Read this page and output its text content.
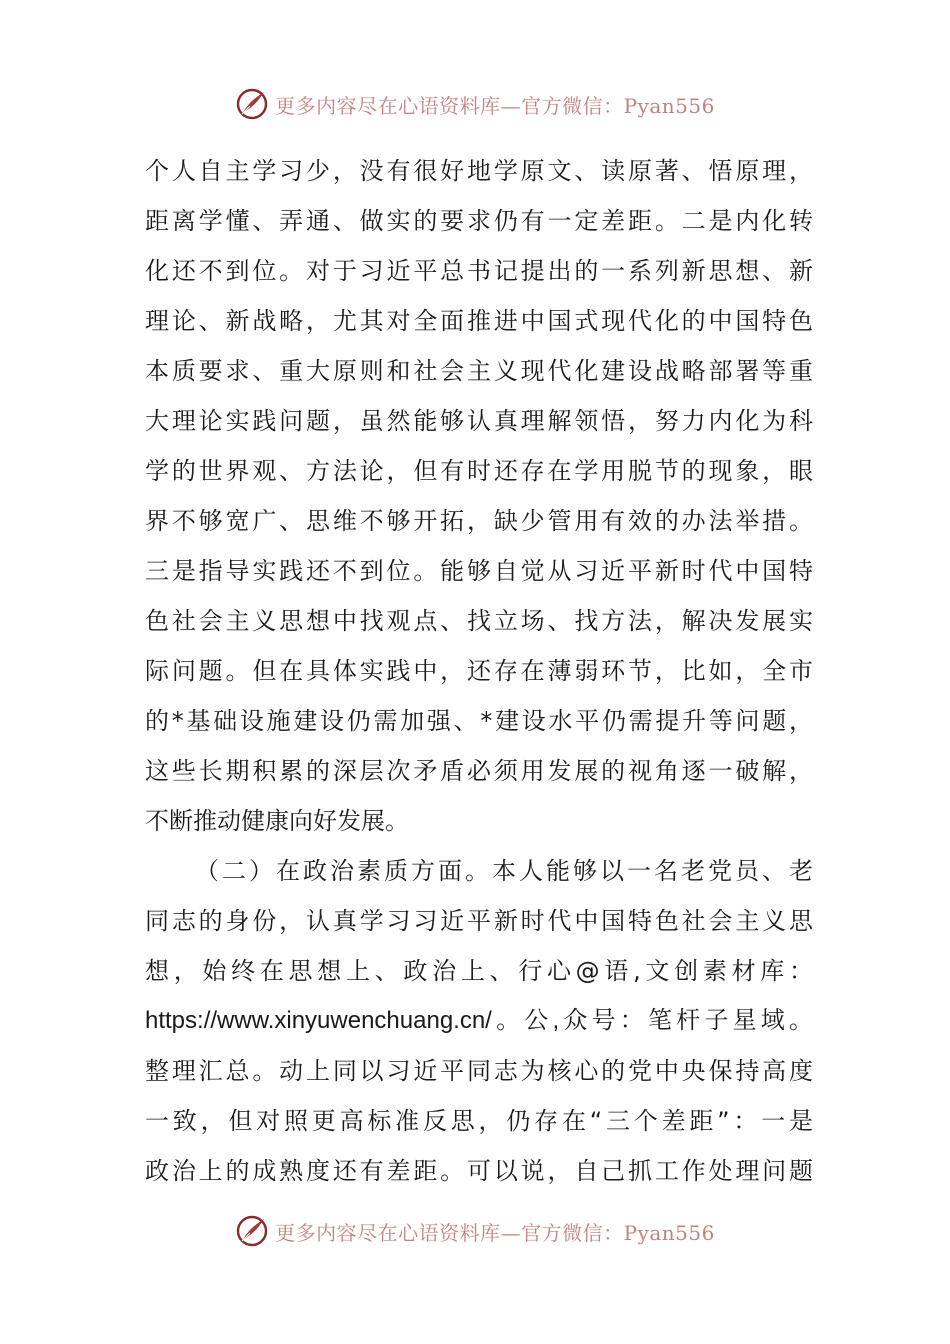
更多内容尽在心语资料库—官方微信：Pyan556
个人自主学习少，没有很好地学原文、读原著、悟原理，
距离学懂、弄通、做实的要求仍有一定差距。二是内化转
化还不到位。对于习近平总书记提出的一系列新思想、新
理论、新战略，尤其对全面推进中国式现代化的中国特色
本质要求、重大原则和社会主义现代化建设战略部署等重
大理论实践问题，虽然能够认真理解领悟，努力内化为科
学的世界观、方法论，但有时还存在学用脱节的现象，眼
界不够宽广、思维不够开拓，缺少管用有效的办法举措。
三是指导实践还不到位。能够自觉从习近平新时代中国特
色社会主义思想中找观点、找立场、找方法，解决发展实
际问题。但在具体实践中，还存在薄弱环节，比如，全市
的*基础设施建设仍需加强、*建设水平仍需提升等问题，
这些长期积累的深层次矛盾必须用发展的视角逐一破解，
不断推动健康向好发展。
（二）在政治素质方面。本人能够以一名老党员、老
同志的身份，认真学习习近平新时代中国特色社会主义思
想，始终在思想上、政治上、行心@语,文创素材库：
https://www.xinyuwenchuang.cn/。公,众号：笔杆子星域。
整理汇总。动上同以习近平同志为核心的党中央保持高度
一致，但对照更高标准反思，仍存在“三个差距”：一是
政治上的成熟度还有差距。可以说，自己抓工作处理问题
更多内容尽在心语资料库—官方微信：Pyan556
